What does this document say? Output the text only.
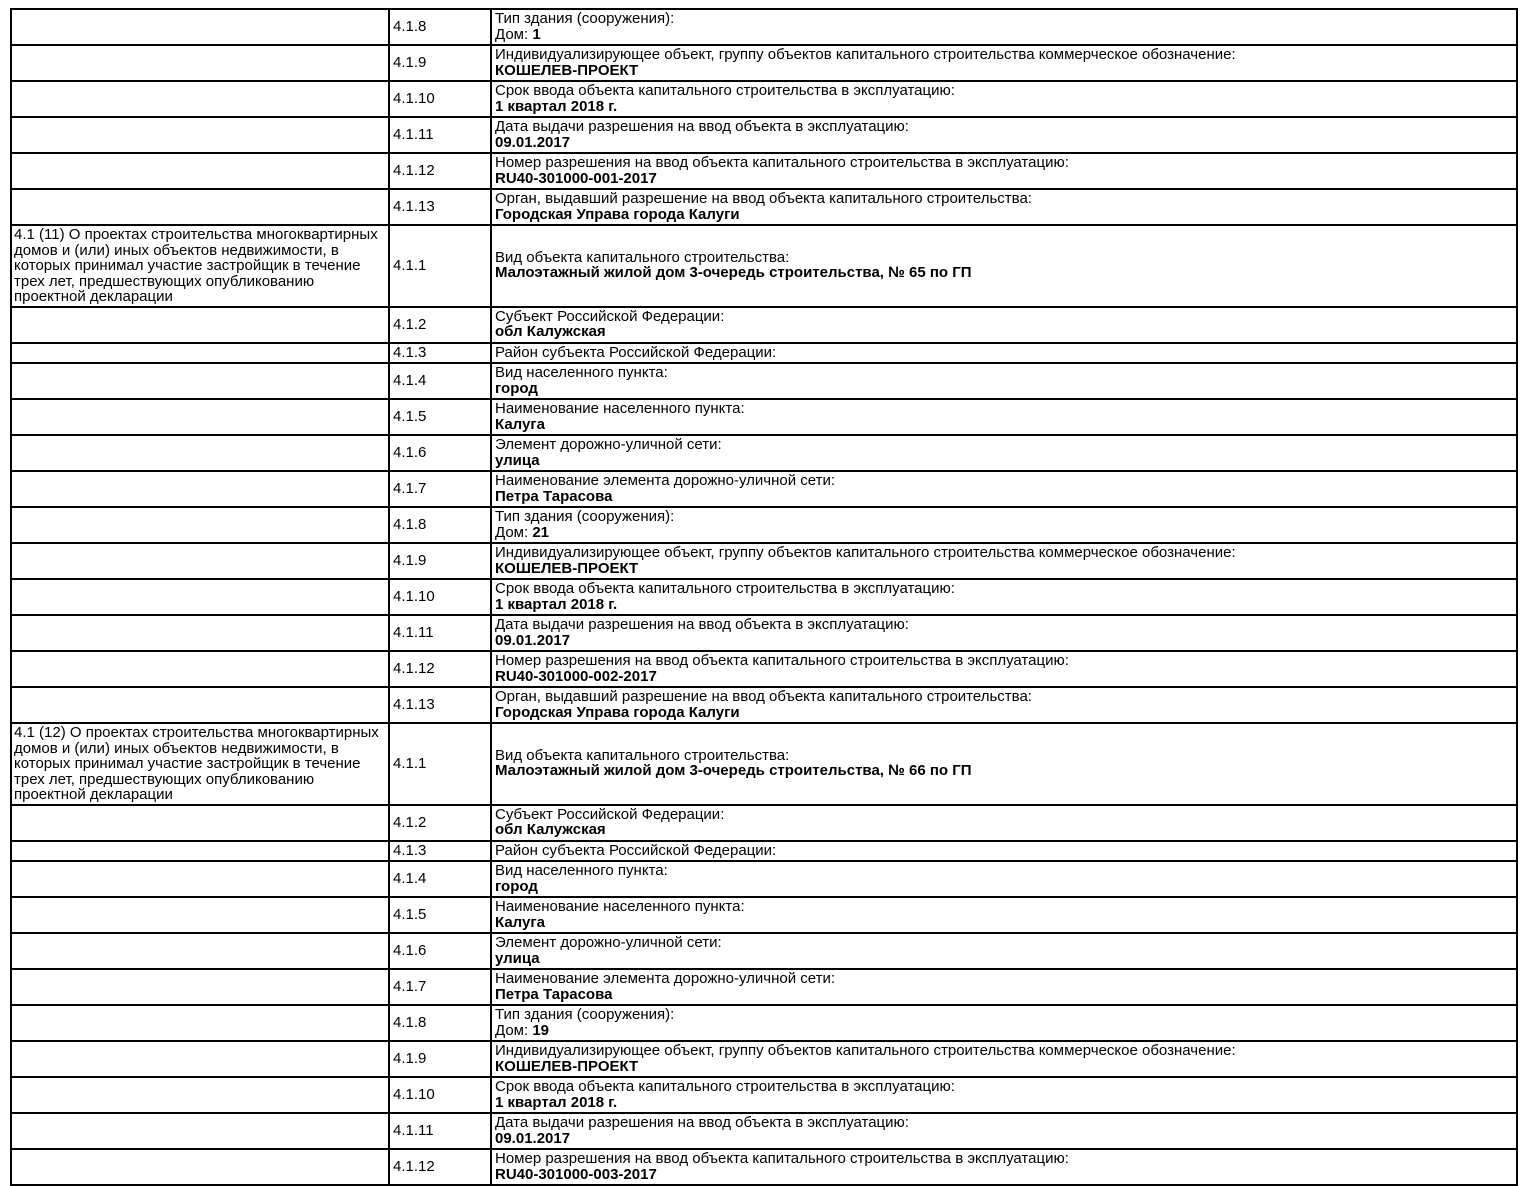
	4.1.8	Тип здания (сооружения):
Дом: 1

	4.1.9	Индивидуализирующее объект, группу объектов капитального строительства коммерческое обозначение:
КОШЕЛЕВ-ПРОЕКТ

	4.1.10	Срок ввода объекта капитального строительства в эксплуатацию:
1 квартал 2018 г.

	4.1.11	Дата выдачи разрешения на ввод объекта в эксплуатацию:
09.01.2017

	4.1.12	Номер разрешения на ввод объекта капитального строительства в эксплуатацию:
RU40-301000-001-2017

	4.1.13	Орган, выдавший разрешение на ввод объекта капитального строительства:
Городская Управа города Калуги

4.1 (11) О проектах строительства многоквартирных домов и (или) иных объектов недвижимости, в которых принимал участие застройщик в течение трех лет, предшествующих опубликованию проектной декларации	4.1.1	Вид объекта капитального строительства:
Малоэтажный жилой дом 3-очередь строительства, № 65 по ГП

	4.1.2	Субъект Российской Федерации:
обл Калужская

	4.1.3	Район субъекта Российской Федерации:

	4.1.4	Вид населенного пункта:
город

	4.1.5	Наименование населенного пункта:
Калуга

	4.1.6	Элемент дорожно-уличной сети:
улица

	4.1.7	Наименование элемента дорожно-уличной сети:
Петра Тарасова

	4.1.8	Тип здания (сооружения):
Дом: 21

	4.1.9	Индивидуализирующее объект, группу объектов капитального строительства коммерческое обозначение:
КОШЕЛЕВ-ПРОЕКТ

	4.1.10	Срок ввода объекта капитального строительства в эксплуатацию:
1 квартал 2018 г.

	4.1.11	Дата выдачи разрешения на ввод объекта в эксплуатацию:
09.01.2017

	4.1.12	Номер разрешения на ввод объекта капитального строительства в эксплуатацию:
RU40-301000-002-2017

	4.1.13	Орган, выдавший разрешение на ввод объекта капитального строительства:
Городская Управа города Калуги

4.1 (12) О проектах строительства многоквартирных домов и (или) иных объектов недвижимости, в которых принимал участие застройщик в течение трех лет, предшествующих опубликованию проектной декларации	4.1.1	Вид объекта капитального строительства:
Малоэтажный жилой дом 3-очередь строительства, № 66 по ГП

	4.1.2	Субъект Российской Федерации:
обл Калужская

	4.1.3	Район субъекта Российской Федерации:

	4.1.4	Вид населенного пункта:
город

	4.1.5	Наименование населенного пункта:
Калуга

	4.1.6	Элемент дорожно-уличной сети:
улица

	4.1.7	Наименование элемента дорожно-уличной сети:
Петра Тарасова

	4.1.8	Тип здания (сооружения):
Дом: 19

	4.1.9	Индивидуализирующее объект, группу объектов капитального строительства коммерческое обозначение:
КОШЕЛЕВ-ПРОЕКТ

	4.1.10	Срок ввода объекта капитального строительства в эксплуатацию:
1 квартал 2018 г.

	4.1.11	Дата выдачи разрешения на ввод объекта в эксплуатацию:
09.01.2017

	4.1.12	Номер разрешения на ввод объекта капитального строительства в эксплуатацию:
RU40-301000-003-2017
